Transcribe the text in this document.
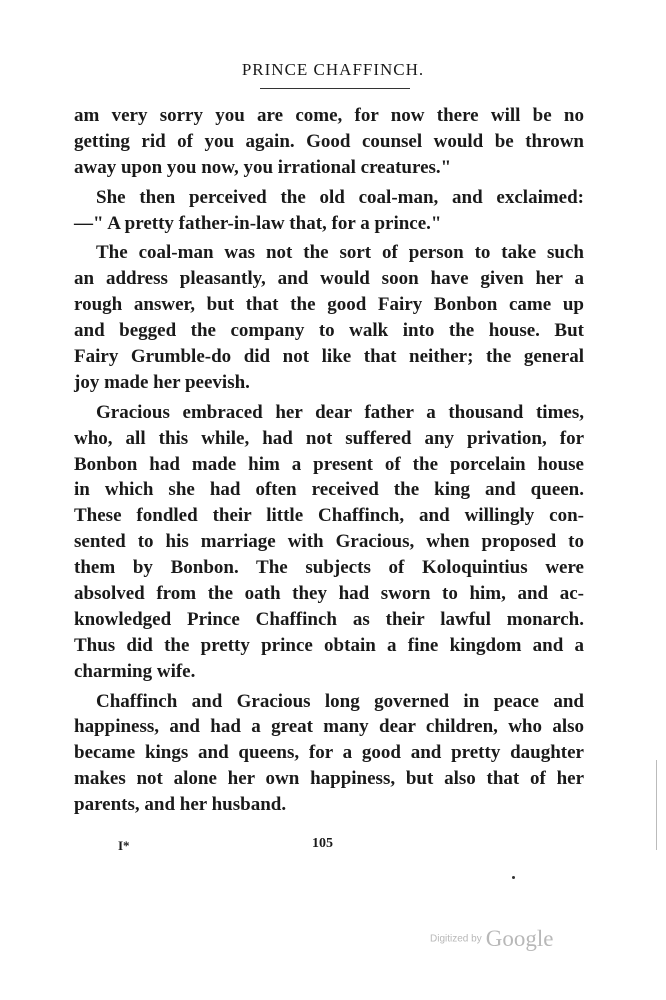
PRINCE CHAFFINCH.
am very sorry you are come, for now there will be no
getting rid of you again. Good counsel would be thrown
away upon you now, you irrational creatures."
She then perceived the old coal-man, and exclaimed:
—" A pretty father-in-law that, for a prince."
The coal-man was not the sort of person to take such
an address pleasantly, and would soon have given her a
rough answer, but that the good Fairy Bonbon came up
and begged the company to walk into the house. But
Fairy Grumble-do did not like that neither; the general
joy made her peevish.
Gracious embraced her dear father a thousand times,
who, all this while, had not suffered any privation, for
Bonbon had made him a present of the porcelain house
in which she had often received the king and queen.
These fondled their little Chaffinch, and willingly con-
sented to his marriage with Gracious, when proposed to
them by Bonbon. The subjects of Koloquintius were
absolved from the oath they had sworn to him, and ac-
knowledged Prince Chaffinch as their lawful monarch.
Thus did the pretty prince obtain a fine kingdom and a
charming wife.
Chaffinch and Gracious long governed in peace and
happiness, and had a great many dear children, who also
became kings and queens, for a good and pretty daughter
makes not alone her own happiness, but also that of her
parents, and her husband.
I*	105
Digitized by Google
